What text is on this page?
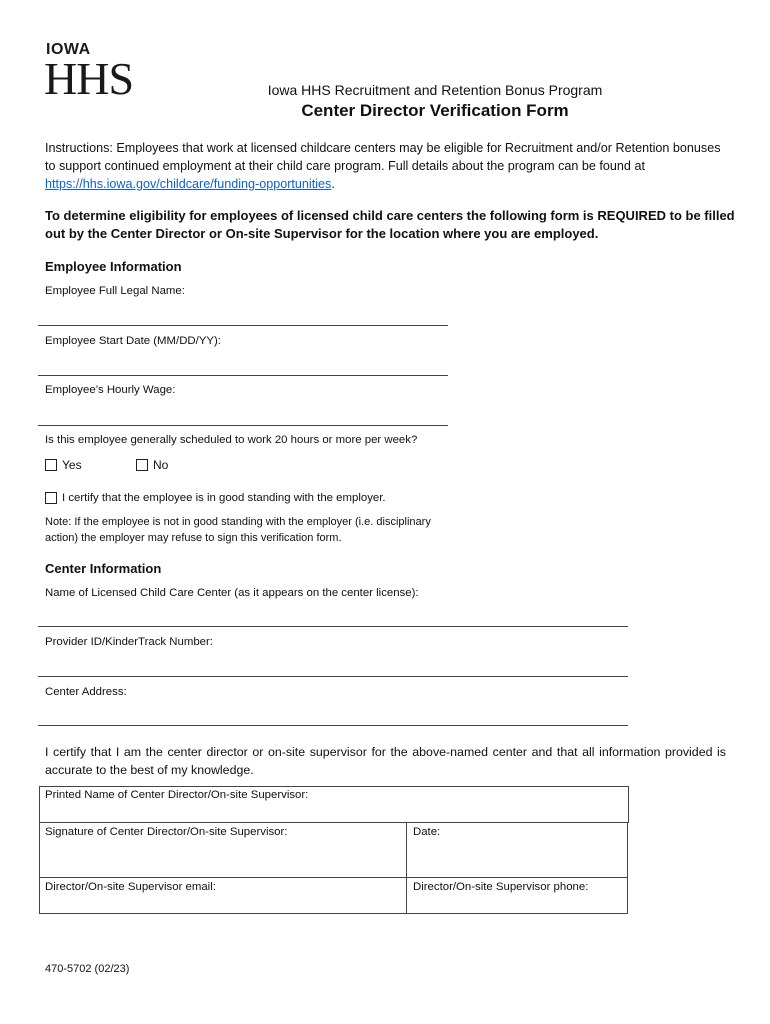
IOWA
HHS	Iowa HHS Recruitment and Retention Bonus Program
Center Director Verification Form
Instructions: Employees that work at licensed childcare centers may be eligible for Recruitment and/or Retention bonuses to support continued employment at their child care program. Full details about the program can be found at https://hhs.iowa.gov/childcare/funding-opportunities.
To determine eligibility for employees of licensed child care centers the following form is REQUIRED to be filled out by the Center Director or On-site Supervisor for the location where you are employed.
Employee Information
Employee Full Legal Name:
Employee Start Date (MM/DD/YY):
Employee’s Hourly Wage:
Is this employee generally scheduled to work 20 hours or more per week?
Yes	No
I certify that the employee is in good standing with the employer.
Note: If the employee is not in good standing with the employer (i.e. disciplinary action) the employer may refuse to sign this verification form.
Center Information
Name of Licensed Child Care Center (as it appears on the center license):
Provider ID/KinderTrack Number:
Center Address:
I certify that I am the center director or on-site supervisor for the above-named center and that all information provided is accurate to the best of my knowledge.
Printed Name of Center Director/On-site Supervisor:
Signature of Center Director/On-site Supervisor:	Date:
Director/On-site Supervisor email:	Director/On-site Supervisor phone:
470-5702 (02/23)
